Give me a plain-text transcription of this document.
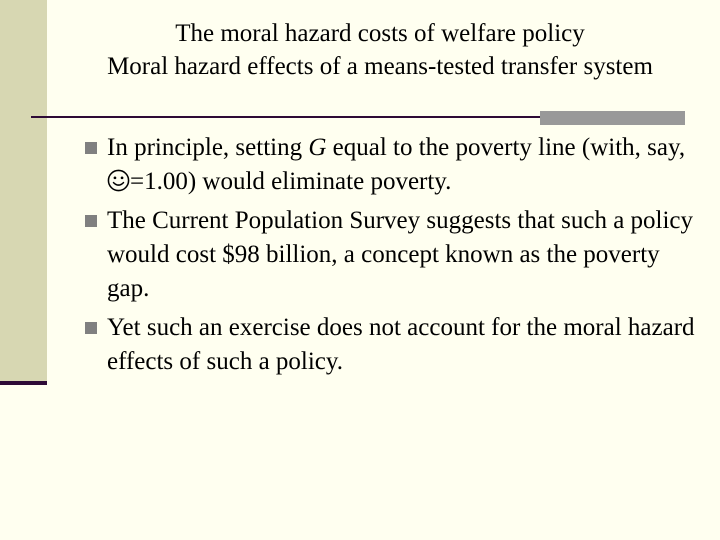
The moral hazard costs of welfare policy
Moral hazard effects of a means-tested transfer system
In principle, setting G equal to the poverty line (with, say, =1.00) would eliminate poverty.
The Current Population Survey suggests that such a policy would cost $98 billion, a concept known as the poverty gap.
Yet such an exercise does not account for the moral hazard effects of such a policy.
